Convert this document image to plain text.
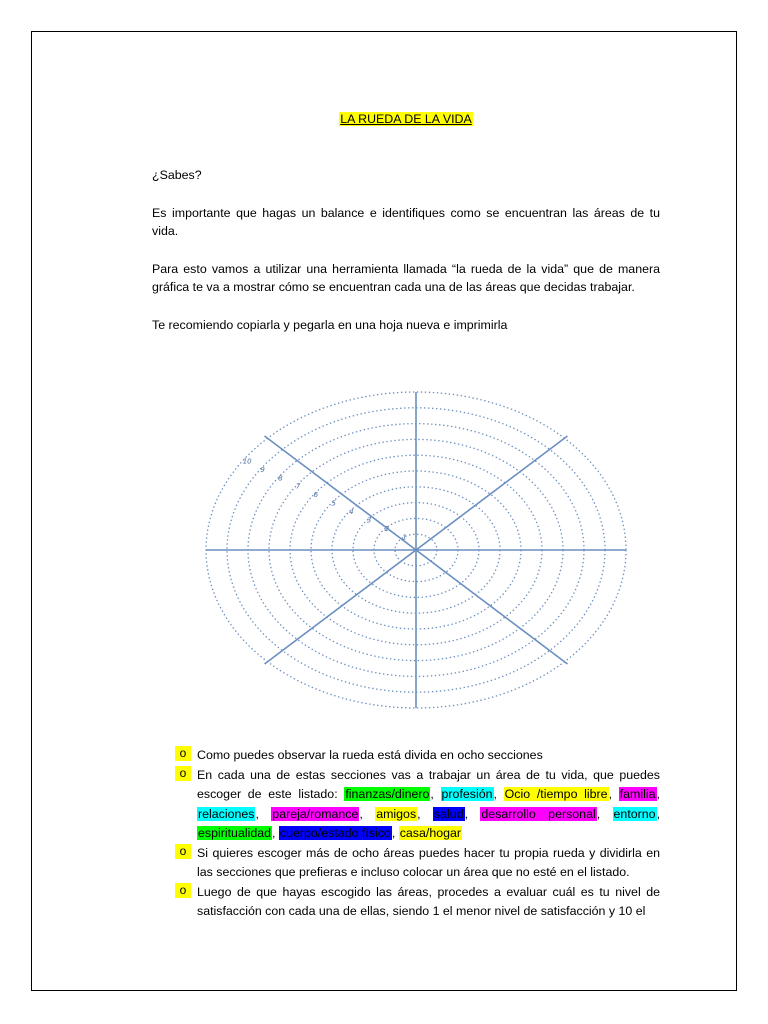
LA RUEDA DE LA VIDA

¿Sabes?

Es importante que hagas un balance e identifiques como se encuentran las áreas de tu vida.

Para esto vamos a utilizar una herramienta llamada “la rueda de la vida” que de manera gráfica te va a mostrar cómo se encuentran cada una de las áreas que decidas trabajar.

Te recomiendo copiarla y pegarla en una hoja nueva e imprimirla

1
2
3
4
5
6
7
8
9
10
o Como puedes observar la rueda está divida en ocho secciones
o En cada una de estas secciones vas a trabajar un área de tu vida, que puedes escoger de este listado: finanzas/dinero, profesión, Ocio /tiempo libre, familia, relaciones, pareja/romance, amigos, salud, desarrollo personal, entorno, espiritualidad, cuerpo/estado físico, casa/hogar
o Si quieres escoger más de ocho áreas puedes hacer tu propia rueda y dividirla en las secciones que prefieras e incluso colocar un área que no esté en el listado.
o Luego de que hayas escogido las áreas, procedes a evaluar cuál es tu nivel de satisfacción con cada una de ellas, siendo 1 el menor nivel de satisfacción y 10 el
